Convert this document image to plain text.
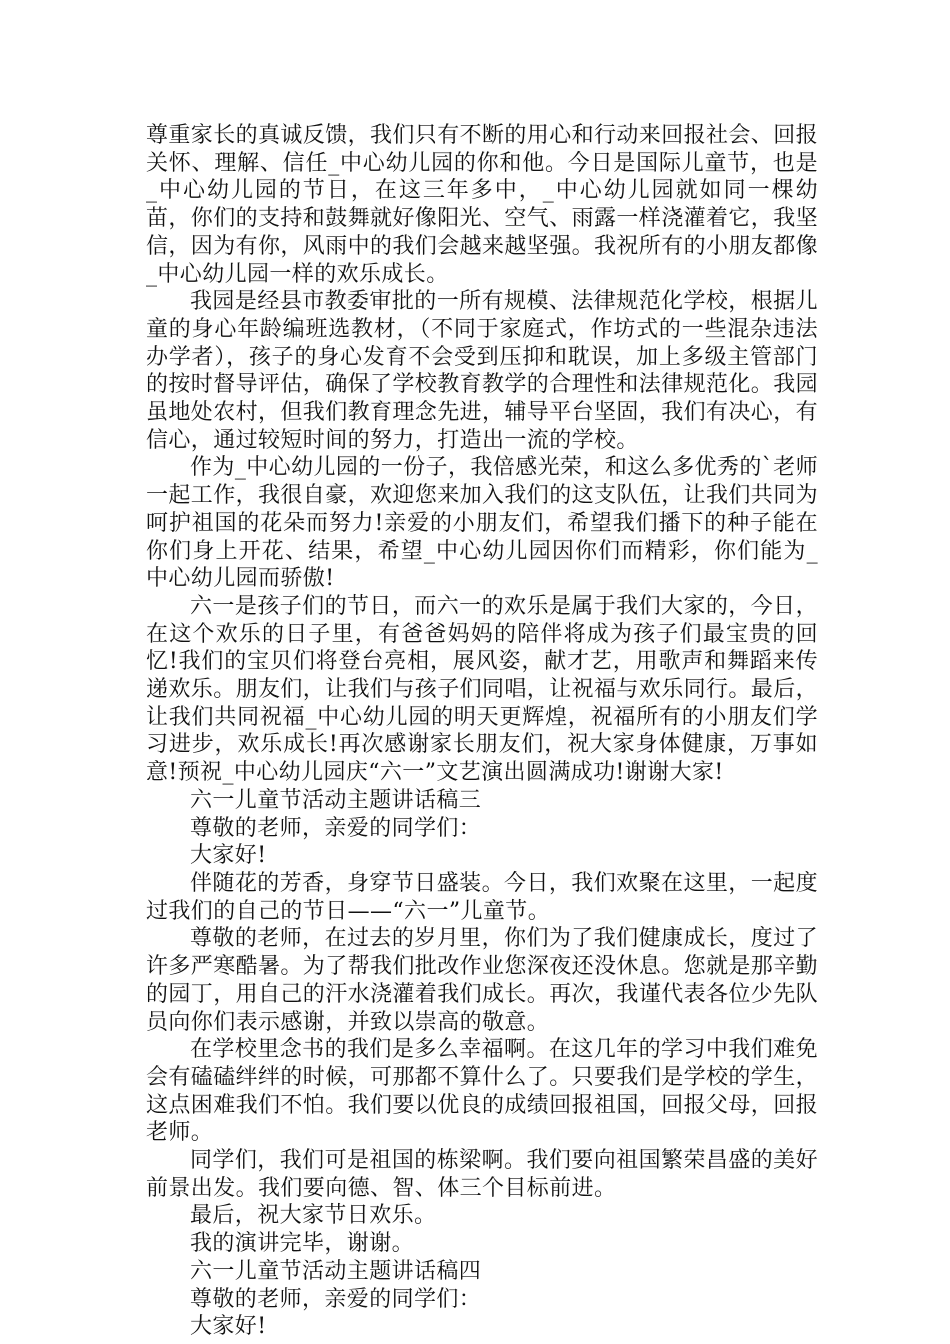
尊重家长的真诚反馈，我们只有不断的用心和行动来回报社会、回报关怀、理解、信任_中心幼儿园的你和他。今日是国际儿童节，也是_中心幼儿园的节日，在这三年多中，_中心幼儿园就如同一棵幼苗，你们的支持和鼓舞就好像阳光、空气、雨露一样浇灌着它，我坚信，因为有你，风雨中的我们会越来越坚强。我祝所有的小朋友都像_中心幼儿园一样的欢乐成长。

我园是经县市教委审批的一所有规模、法律规范化学校，根据儿童的身心年龄编班选教材，（不同于家庭式，作坊式的一些混杂违法办学者），孩子的身心发育不会受到压抑和耽误，加上多级主管部门的按时督导评估，确保了学校教育教学的合理性和法律规范化。我园虽地处农村，但我们教育理念先进，辅导平台坚固，我们有决心，有信心，通过较短时间的努力，打造出一流的学校。

作为_中心幼儿园的一份子，我倍感光荣，和这么多优秀的`老师一起工作，我很自豪，欢迎您来加入我们的这支队伍，让我们共同为呵护祖国的花朵而努力!亲爱的小朋友们，希望我们播下的种子能在你们身上开花、结果，希望_中心幼儿园因你们而精彩，你们能为_中心幼儿园而骄傲!

六一是孩子们的节日，而六一的欢乐是属于我们大家的，今日，在这个欢乐的日子里，有爸爸妈妈的陪伴将成为孩子们最宝贵的回忆!我们的宝贝们将登台亮相，展风姿，献才艺，用歌声和舞蹈来传递欢乐。朋友们，让我们与孩子们同唱，让祝福与欢乐同行。最后，让我们共同祝福_中心幼儿园的明天更辉煌，祝福所有的小朋友们学习进步，欢乐成长!再次感谢家长朋友们，祝大家身体健康，万事如意!预祝_中心幼儿园庆“六一”文艺演出圆满成功!谢谢大家!

六一儿童节活动主题讲话稿三

尊敬的老师，亲爱的同学们：

大家好!

伴随花的芳香，身穿节日盛装。今日，我们欢聚在这里，一起度过我们的自己的节日——“六一”儿童节。

尊敬的老师，在过去的岁月里，你们为了我们健康成长，度过了许多严寒酷暑。为了帮我们批改作业您深夜还没休息。您就是那辛勤的园丁，用自己的汗水浇灌着我们成长。再次，我谨代表各位少先队员向你们表示感谢，并致以崇高的敬意。

在学校里念书的我们是多么幸福啊。在这几年的学习中我们难免会有磕磕绊绊的时候，可那都不算什么了。只要我们是学校的学生，这点困难我们不怕。我们要以优良的成绩回报祖国，回报父母，回报老师。

同学们，我们可是祖国的栋梁啊。我们要向祖国繁荣昌盛的美好前景出发。我们要向德、智、体三个目标前进。

最后，祝大家节日欢乐。

我的演讲完毕，谢谢。

六一儿童节活动主题讲话稿四

尊敬的老师，亲爱的同学们：

大家好!
